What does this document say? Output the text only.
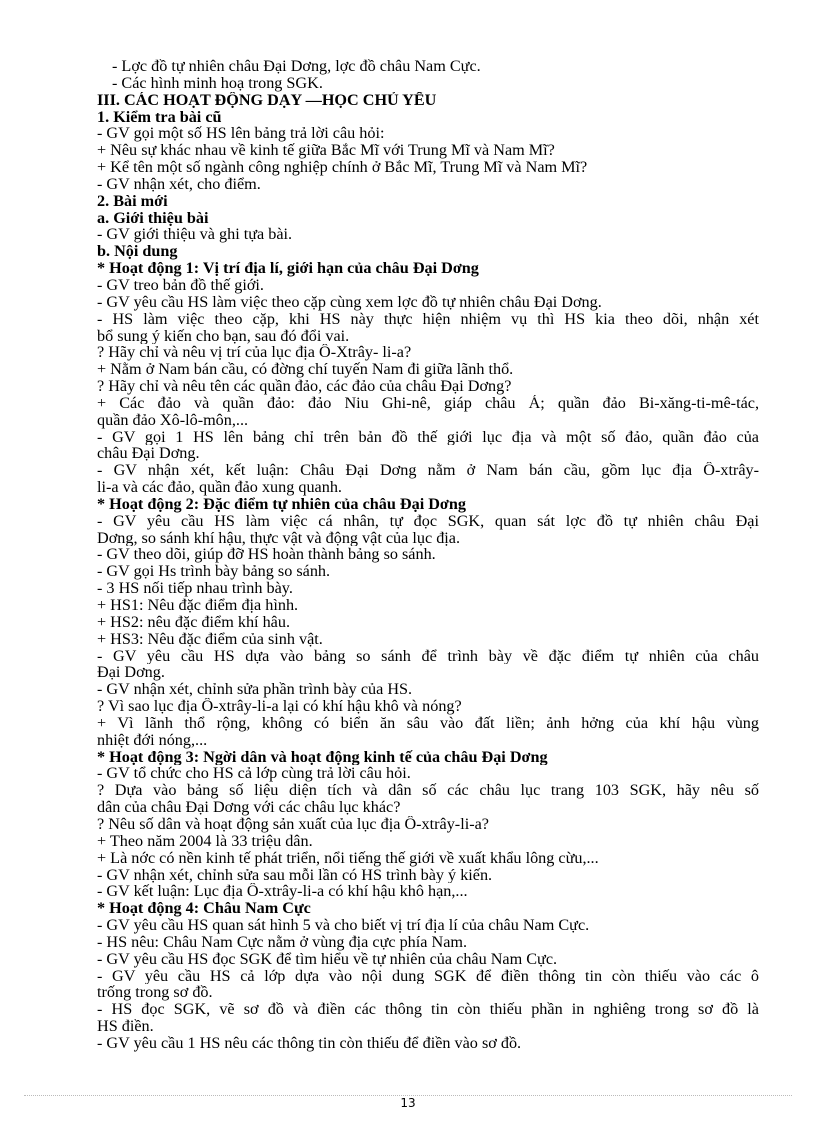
- Lợc đồ tự nhiên châu Đại Dơng, lợc đồ châu Nam Cực.
- Các hình minh hoạ trong SGK.
III. CÁC HOẠT ĐỘNG DẠY —HỌC CHỦ YẾU
1. Kiểm tra bài cũ
- GV gọi một số HS lên bảng trả lời câu hỏi:
+ Nêu sự khác nhau về kinh tế giữa Bắc Mĩ với Trung Mĩ và Nam Mĩ?
+ Kể tên một số ngành công nghiệp chính ở Bắc Mĩ, Trung Mĩ và Nam Mĩ?
- GV nhận xét, cho điểm.
2. Bài mới
a. Giới thiệu bài
- GV giới thiệu và ghi tựa bài.
b. Nội dung
* Hoạt động 1: Vị trí địa lí, giới hạn của châu Đại Dơng
- GV treo bản đồ thế giới.
- GV yêu cầu HS làm việc theo cặp cùng xem lợc đồ tự nhiên châu Đại Dơng.
- HS làm việc theo cặp, khi HS này thực hiện nhiệm vụ thì HS kia theo dõi, nhận xét
bổ sung ý kiến cho bạn, sau đó đổi vai.
? Hãy chỉ và nêu vị trí của lục địa Ô-Xtrây- li-a?
+ Nằm ở Nam bán cầu, có đờng chí tuyến Nam đi giữa lãnh thổ.
? Hãy chỉ và nêu tên các quần đảo, các đảo của châu Đại Dơng?
+ Các đảo và quần đảo: đảo Niu Ghi-nê, giáp châu Á; quần đảo Bi-xăng-ti-mê-tác,
quần đảo Xô-lô-môn,...
- GV gọi 1 HS lên bảng chỉ trên bản đồ thế giới lục địa và một số đảo, quần đảo của
châu Đại Dơng.
- GV nhận xét, kết luận: Châu Đại Dơng nằm ở Nam bán cầu, gồm lục địa Ô-xtrây-
li-a và các đảo, quần đảo xung quanh.
* Hoạt động 2: Đặc điểm tự nhiên của châu Đại Dơng
- GV yêu cầu HS làm việc cá nhân, tự đọc SGK, quan sát lợc đồ tự nhiên châu Đại
Dơng, so sánh khí hậu, thực vật và động vật của lục địa.
- GV theo dõi, giúp đỡ HS hoàn thành bảng so sánh.
- GV gọi Hs trình bày bảng so sánh.
- 3 HS nối tiếp nhau trình bày.
+ HS1: Nêu đặc điểm địa hình.
+ HS2: nêu đặc điểm khí hâu.
+ HS3: Nêu đặc điểm của sinh vật.
- GV yêu cầu HS dựa vào bảng so sánh để trình bày về đặc điểm tự nhiên của châu
Đại Dơng.
- GV nhận xét, chỉnh sửa phần trình bày của HS.
? Vì sao lục địa Ô-xtrây-li-a lại có khí hậu khô và nóng?
+ Vì lãnh thổ rộng, không có biển ăn sâu vào đất liền; ảnh hởng của khí hậu vùng
nhiệt đới nóng,...
* Hoạt động 3: Ngời dân và hoạt động kinh tế của châu Đại Dơng
- GV tổ chức cho HS cả lớp cùng trả lời câu hỏi.
? Dựa vào bảng số liệu diện tích và dân số các châu lục trang 103 SGK, hãy nêu số
dân của châu Đại Dơng với các châu lục khác?
? Nêu số dân và hoạt động sản xuất của lục địa Ô-xtrây-li-a?
+ Theo năm 2004 là 33 triệu dân.
+ Là nớc có nền kinh tế phát triển, nổi tiếng thế giới về xuất khẩu lông cừu,...
- GV nhận xét, chỉnh sửa sau mỗi lần có HS trình bày ý kiến.
- GV kết luận: Lục địa Ô-xtrây-li-a có khí hậu khô hạn,...
* Hoạt động 4: Châu Nam Cực
- GV yêu cầu HS quan sát hình 5 và cho biết vị trí địa lí của châu Nam Cực.
- HS nêu: Châu Nam Cực nằm ở vùng địa cực phía Nam.
- GV yêu cầu HS đọc SGK để tìm hiểu về tự nhiên của châu Nam Cực.
- GV yêu cầu HS cả lớp dựa vào nội dung SGK để điền thông tin còn thiếu vào các ô
trống trong sơ đồ.
- HS đọc SGK, vẽ sơ đồ và điền các thông tin còn thiếu phần in nghiêng trong sơ đồ là
HS điền.
- GV yêu cầu 1 HS nêu các thông tin còn thiếu để điền vào sơ đồ.
13
